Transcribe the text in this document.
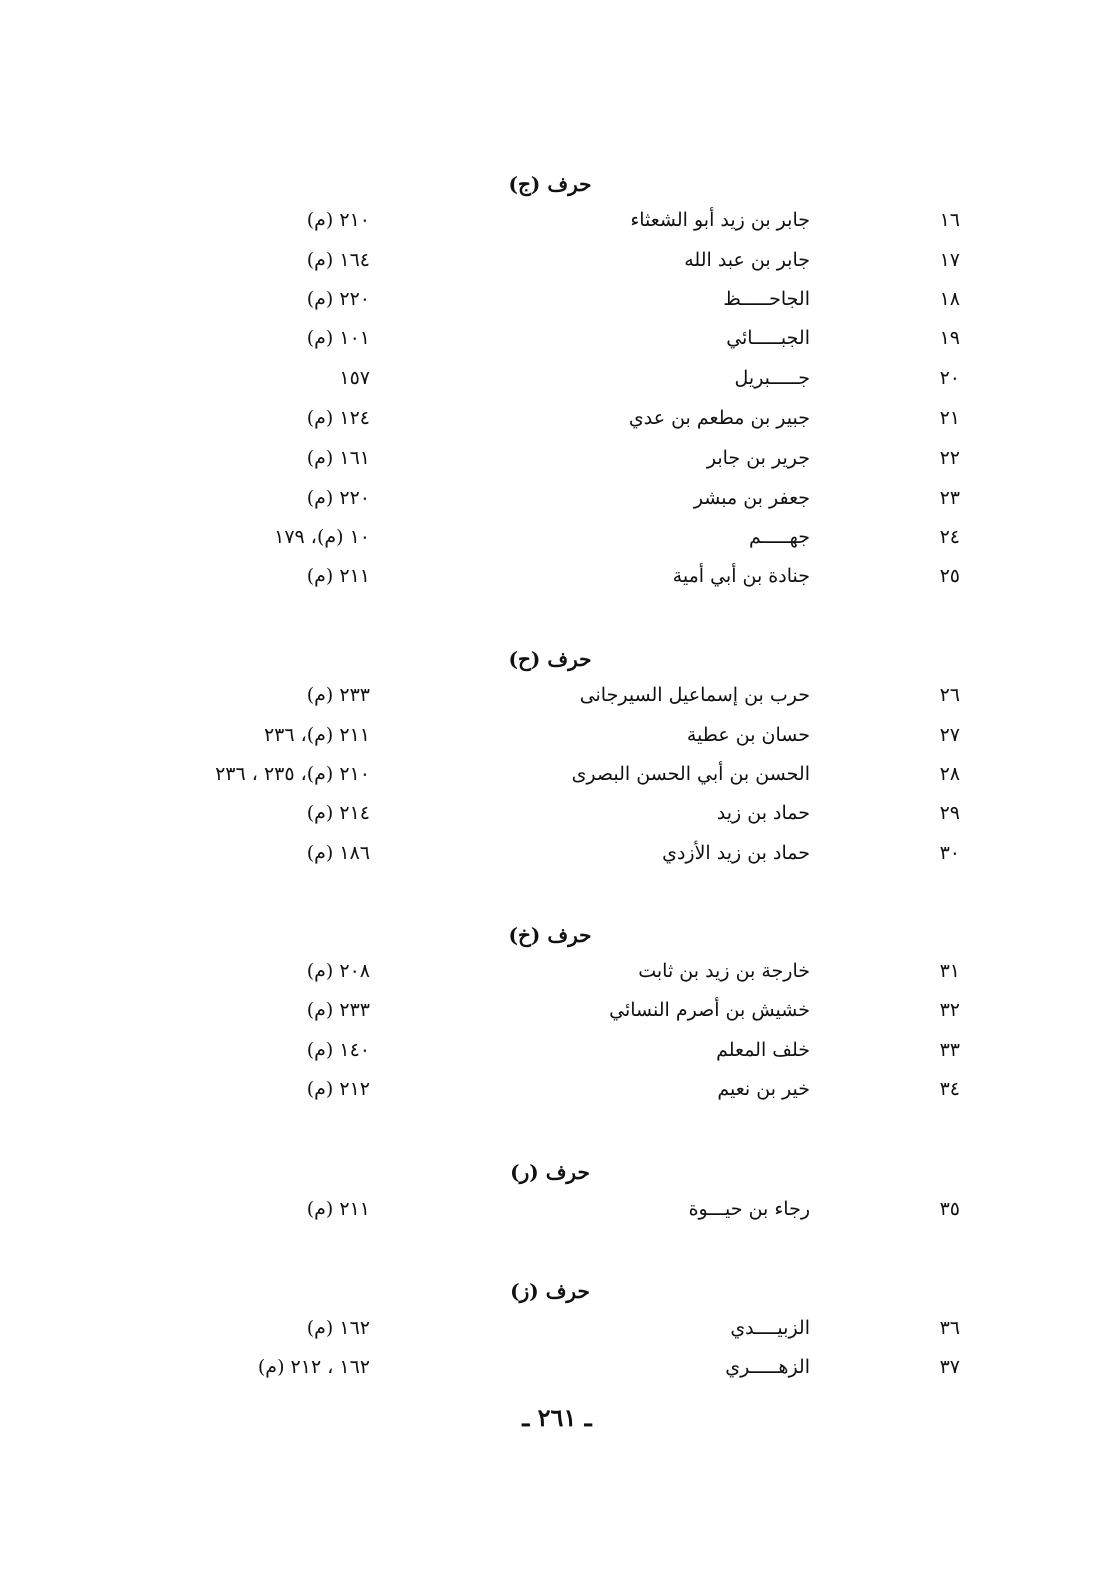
حرف (ج)
١٦
جابر بن زيد أبو الشعثاء
٢١٠ (م)
١٧
جابر بن عبد الله
١٦٤ (م)
١٨
الجاحـــــظ
٢٢٠ (م)
١٩
الجبـــــائي
١٠١ (م)
٢٠
جـــــبريل
١٥٧
٢١
جبير بن مطعم بن عدي
١٢٤ (م)
٢٢
جرير بن جابر
١٦١ (م)
٢٣
جعفر بن مبشر
٢٢٠ (م)
٢٤
جهـــــم
١٠ (م)، ١٧٩
٢٥
جنادة بن أبي أمية
٢١١ (م)
حرف (ح)
٢٦
حرب بن إسماعيل السيرجانى
٢٣٣ (م)
٢٧
حسان بن عطية
٢١١ (م)، ٢٣٦
٢٨
الحسن بن أبي الحسن البصرى
٢١٠ (م)، ٢٣٥ ، ٢٣٦
٢٩
حماد بن زيد
٢١٤ (م)
٣٠
حماد بن زيد الأزدي
١٨٦ (م)
حرف (خ)
٣١
خارجة بن زيد بن ثابت
٢٠٨ (م)
٣٢
خشيش بن أصرم النسائي
٢٣٣ (م)
٣٣
خلف المعلم
١٤٠ (م)
٣٤
خير بن نعيم
٢١٢ (م)
حرف (ر)
٣٥
رجاء بن حيـــوة
٢١١ (م)
حرف (ز)
٣٦
الزبيــــدي
١٦٢ (م)
٣٧
الزهـــــري
١٦٢ ، ٢١٢ (م)
ـ ٢٦١ ـ
